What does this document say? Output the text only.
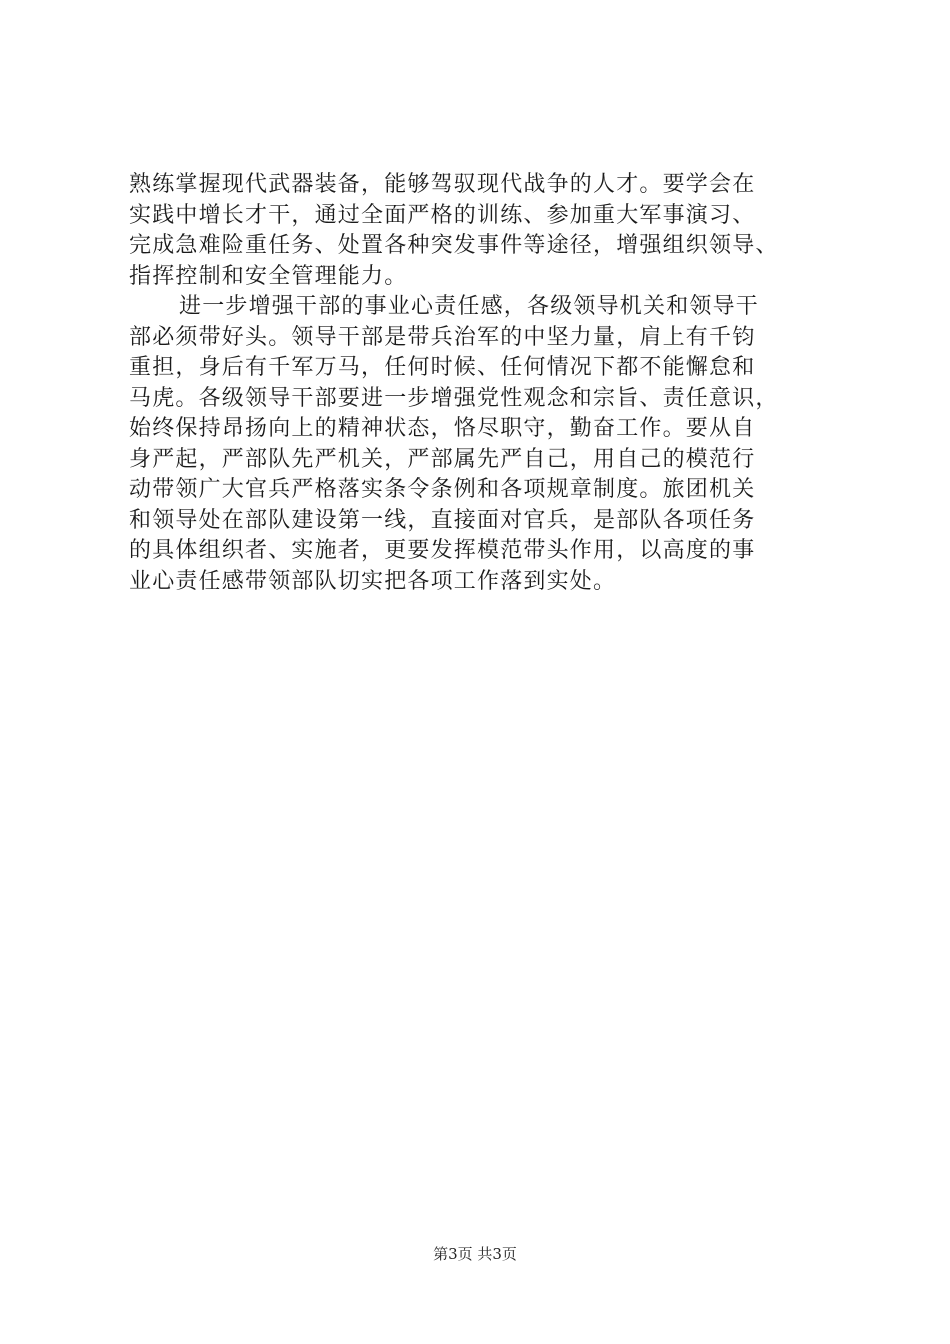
熟练掌握现代武器装备，能够驾驭现代战争的人才。要学会在
实践中增长才干，通过全面严格的训练、参加重大军事演习、
完成急难险重任务、处置各种突发事件等途径，增强组织领导、
指挥控制和安全管理能力。
进一步增强干部的事业心责任感，各级领导机关和领导干
部必须带好头。领导干部是带兵治军的中坚力量，肩上有千钧
重担，身后有千军万马，任何时候、任何情况下都不能懈怠和
马虎。各级领导干部要进一步增强党性观念和宗旨、责任意识，
始终保持昂扬向上的精神状态，恪尽职守，勤奋工作。要从自
身严起，严部队先严机关，严部属先严自己，用自己的模范行
动带领广大官兵严格落实条令条例和各项规章制度。旅团机关
和领导处在部队建设第一线，直接面对官兵，是部队各项任务
的具体组织者、实施者，更要发挥模范带头作用，以高度的事
业心责任感带领部队切实把各项工作落到实处。
第3页 共3页
